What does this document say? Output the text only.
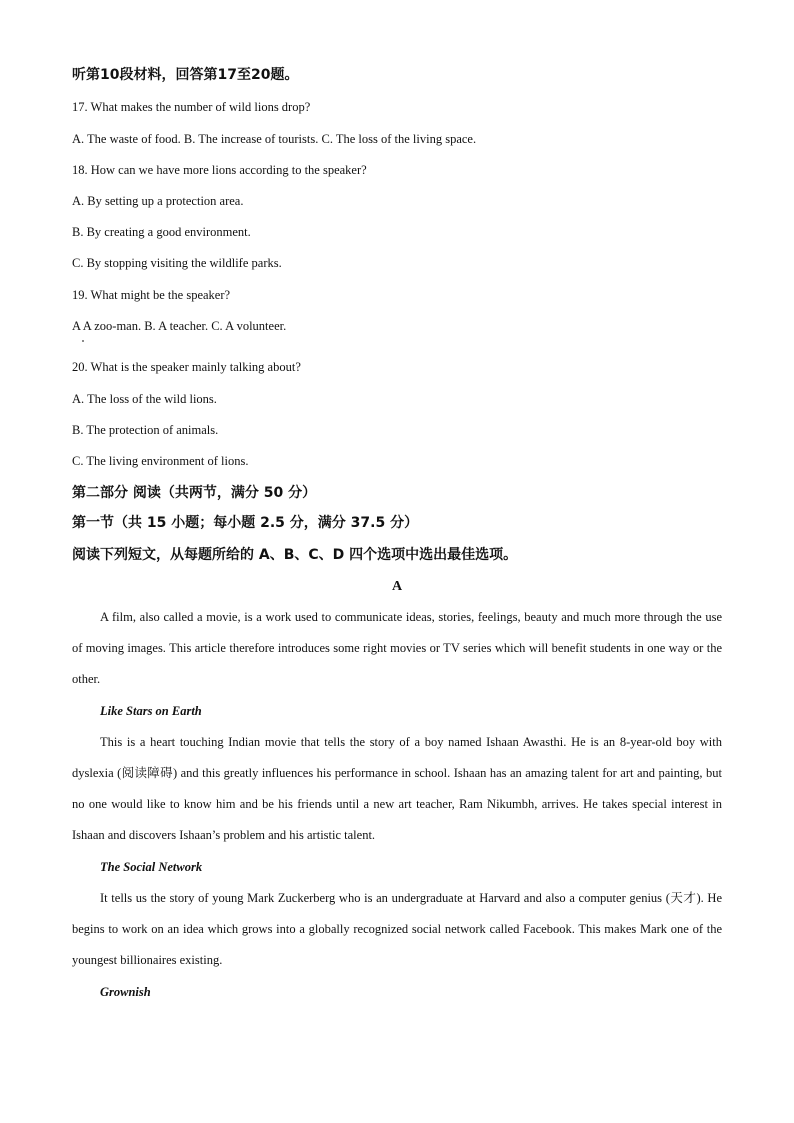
听第10段材料，回答第17至20题。
17. What makes the number of wild lions drop?
A. The waste of food. B. The increase of tourists. C. The loss of the living space.
18. How can we have more lions according to the speaker?
A. By setting up a protection area.
B. By creating a good environment.
C. By stopping visiting the wildlife parks.
19. What might be the speaker?
A A zoo-man. B. A teacher. C. A volunteer.
20. What is the speaker mainly talking about?
A. The loss of the wild lions.
B. The protection of animals.
C. The living environment of lions.
第二部分 阅读（共两节，满分 50 分）
第一节（共 15 小题；每小题 2.5 分，满分 37.5 分）
阅读下列短文，从每题所给的 A、B、C、D 四个选项中选出最佳选项。
A
A film, also called a movie, is a work used to communicate ideas, stories, feelings, beauty and much more through the use of moving images. This article therefore introduces some right movies or TV series which will benefit students in one way or the other.
Like Stars on Earth
This is a heart touching Indian movie that tells the story of a boy named Ishaan Awasthi. He is an 8-year-old boy with dyslexia (阅读障碍) and this greatly influences his performance in school. Ishaan has an amazing talent for art and painting, but no one would like to know him and be his friends until a new art teacher, Ram Nikumbh, arrives. He takes special interest in Ishaan and discovers Ishaan’s problem and his artistic talent.
The Social Network
It tells us the story of young Mark Zuckerberg who is an undergraduate at Harvard and also a computer genius (天才). He begins to work on an idea which grows into a globally recognized social network called Facebook. This makes Mark one of the youngest billionaires existing.
Grownish
